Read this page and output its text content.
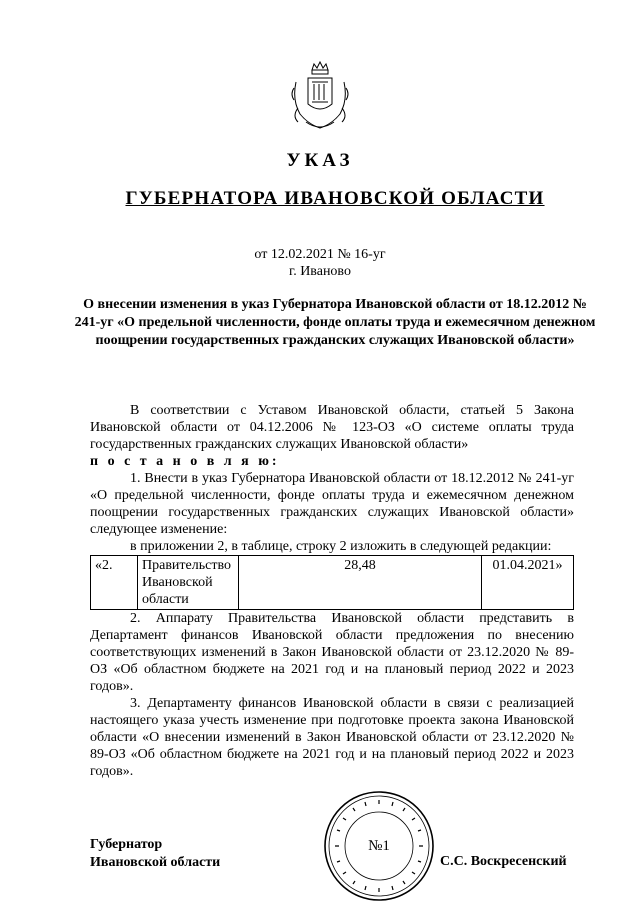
УКАЗ
ГУБЕРНАТОРА ИВАНОВСКОЙ ОБЛАСТИ
от 12.02.2021 № 16-уг
г. Иваново
О внесении изменения в указ Губернатора Ивановской области от 18.12.2012 № 241-уг «О предельной численности, фонде оплаты труда и ежемесячном денежном поощрении государственных гражданских служащих Ивановской области»

В соответствии с Уставом Ивановской области, статьей 5 Закона Ивановской области от 04.12.2006 № 123-ОЗ «О системе оплаты труда государственных гражданских служащих Ивановской области»

п о с т а н о в л я ю:

1. Внести в указ Губернатора Ивановской области от 18.12.2012 № 241-уг «О предельной численности, фонде оплаты труда и ежемесячном денежном поощрении государственных гражданских служащих Ивановской области» следующее изменение:

в приложении 2, в таблице, строку 2 изложить в следующей редакции:

«2.	Правительство Ивановской области	28,48	01.04.2021»

2. Аппарату Правительства Ивановской области представить в Департамент финансов Ивановской области предложения по внесению соответствующих изменений в Закон Ивановской области от 23.12.2020 № 89-ОЗ «Об областном бюджете на 2021 год и на плановый период 2022 и 2023 годов».

3. Департаменту финансов Ивановской области в связи с реализацией настоящего указа учесть изменение при подготовке проекта закона Ивановской области «О внесении изменений в Закон Ивановской области от 23.12.2020 № 89-ОЗ «Об областном бюджете на 2021 год и на плановый период 2022 и 2023 годов».

№1
Губернатор
Ивановской области	С.С. Воскресенский
